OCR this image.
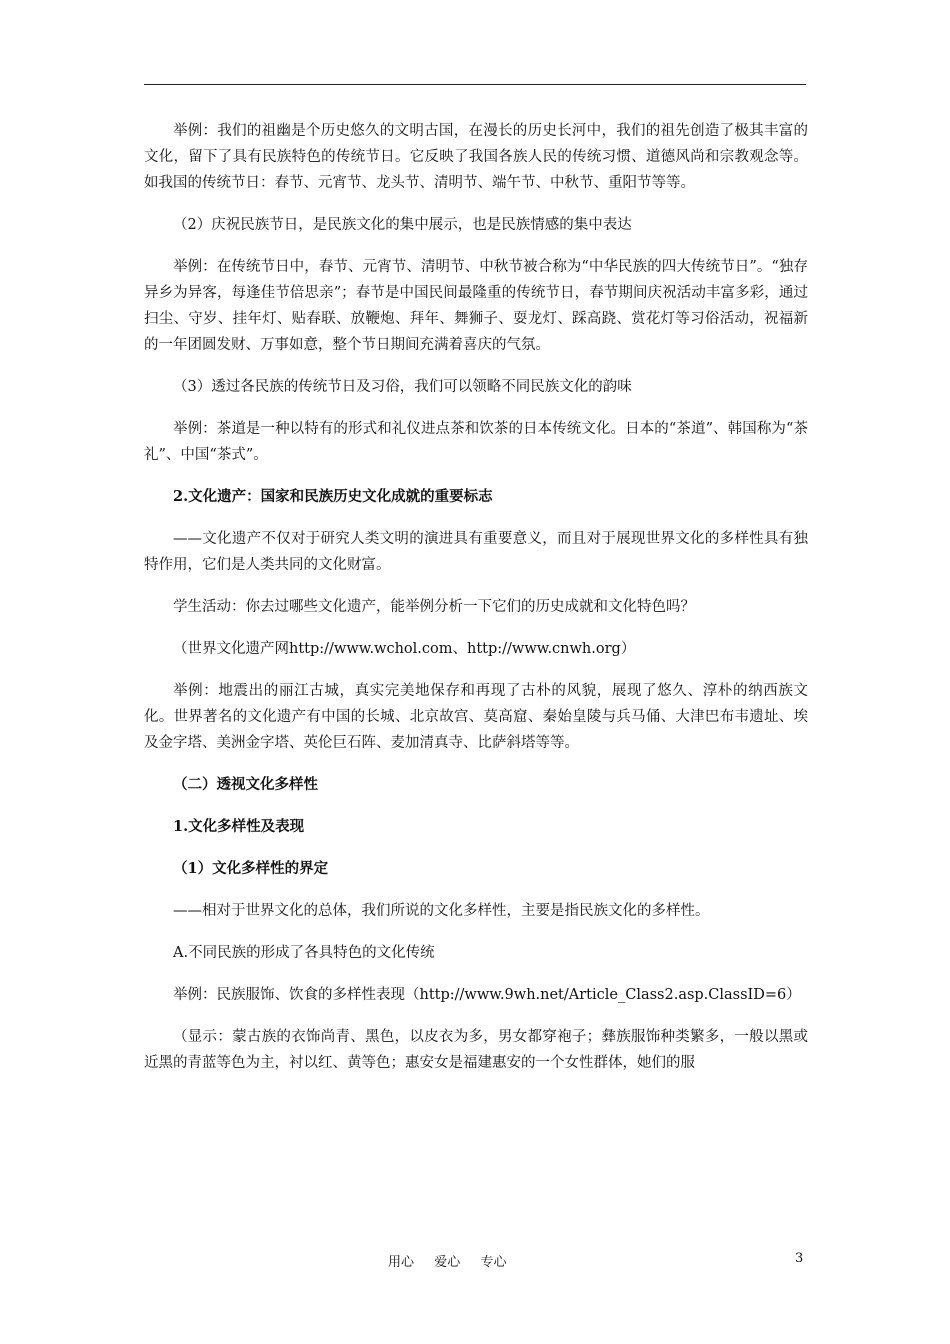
举例：我们的祖幽是个历史悠久的文明古国，在漫长的历史长河中，我们的祖先创造了极其丰富的文化，留下了具有民族特色的传统节日。它反映了我国各族人民的传统习惯、道德风尚和宗教观念等。如我国的传统节日：春节、元宵节、龙头节、清明节、端午节、中秋节、重阳节等等。

（2）庆祝民族节日，是民族文化的集中展示，也是民族情感的集中表达

举例：在传统节日中，春节、元宵节、清明节、中秋节被合称为“中华民族的四大传统节日”。“独存异乡为异客，每逢佳节倍思亲”；春节是中国民间最隆重的传统节日，春节期间庆祝活动丰富多彩，通过扫尘、守岁、挂年灯、贴春联、放鞭炮、拜年、舞狮子、耍龙灯、踩高跷、赏花灯等习俗活动，祝福新的一年团圆发财、万事如意，整个节日期间充满着喜庆的气氛。

（3）透过各民族的传统节日及习俗，我们可以领略不同民族文化的韵味

举例：茶道是一种以特有的形式和礼仪进点茶和饮茶的日本传统文化。日本的“茶道”、韩国称为“茶礼”、中国“茶式”。

2.文化遗产：国家和民族历史文化成就的重要标志

——文化遗产不仅对于研究人类文明的演进具有重要意义，而且对于展现世界文化的多样性具有独特作用，它们是人类共同的文化财富。

学生活动：你去过哪些文化遗产，能举例分析一下它们的历史成就和文化特色吗？

（世界文化遗产网http://www.wchol.com、http://www.cnwh.org）

举例：地震出的丽江古城，真实完美地保存和再现了古朴的风貌，展现了悠久、淳朴的纳西族文化。世界著名的文化遗产有中国的长城、北京故宫、莫高窟、秦始皇陵与兵马俑、大津巴布韦遗址、埃及金字塔、美洲金字塔、英伦巨石阵、麦加清真寺、比萨斜塔等等。

（二）透视文化多样性

1.文化多样性及表现

（1）文化多样性的界定

——相对于世界文化的总体，我们所说的文化多样性，主要是指民族文化的多样性。

A.不同民族的形成了各具特色的文化传统

举例：民族服饰、饮食的多样性表现（http://www.9wh.net/Article_Class2.asp.ClassID=6）

（显示：蒙古族的衣饰尚青、黑色，以皮衣为多，男女都穿袍子；彝族服饰种类繁多，一般以黑或近黑的青蓝等色为主，衬以红、黄等色；惠安女是福建惠安的一个女性群体，她们的服

用心  爱心  专心	3
